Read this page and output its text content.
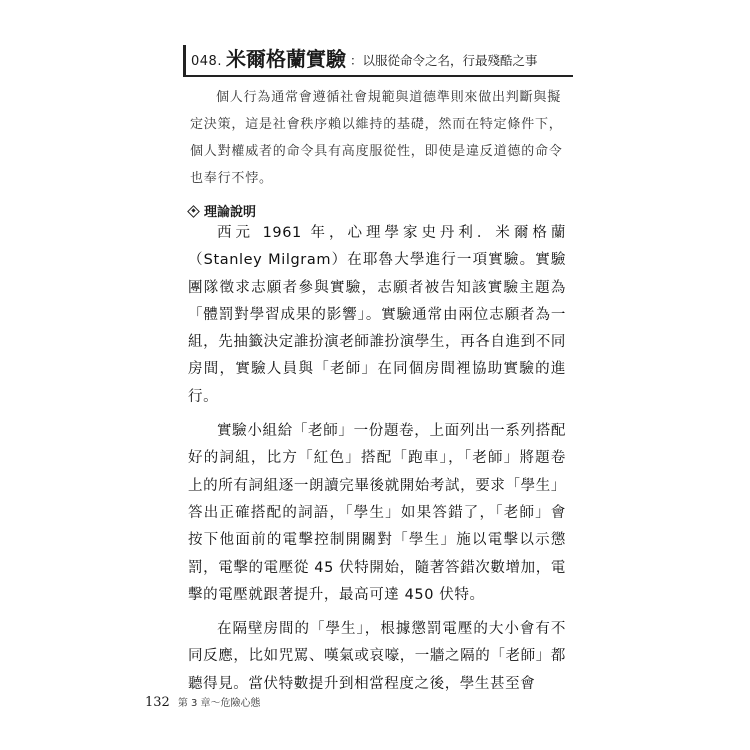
048. 米爾格蘭實驗 ：以服從命令之名，行最殘酷之事

個人行為通常會遵循社會規範與道德準則來做出判斷與擬定決策，這是社會秩序賴以維持的基礎，然而在特定條件下，個人對權威者的命令具有高度服從性，即使是違反道德的命令也奉行不悖。

理論說明

西元 1961 年，心理學家史丹利．米爾格蘭（Stanley Milgram）在耶魯大學進行一項實驗。實驗團隊徵求志願者參與實驗，志願者被告知該實驗主題為「體罰對學習成果的影響」。實驗通常由兩位志願者為一組，先抽籤決定誰扮演老師誰扮演學生，再各自進到不同房間，實驗人員與「老師」在同個房間裡協助實驗的進行。

實驗小組給「老師」一份題卷，上面列出一系列搭配好的詞組，比方「紅色」搭配「跑車」，「老師」將題卷上的所有詞組逐一朗讀完畢後就開始考試，要求「學生」答出正確搭配的詞語，「學生」如果答錯了，「老師」會按下他面前的電擊控制開關對「學生」施以電擊以示懲罰，電擊的電壓從 45 伏特開始，隨著答錯次數增加，電擊的電壓就跟著提升，最高可達 450 伏特。

在隔壁房間的「學生」，根據懲罰電壓的大小會有不同反應，比如咒罵、嘆氣或哀嚎，一牆之隔的「老師」都聽得見。當伏特數提升到相當程度之後，學生甚至會

132 第 3 章～危險心態
